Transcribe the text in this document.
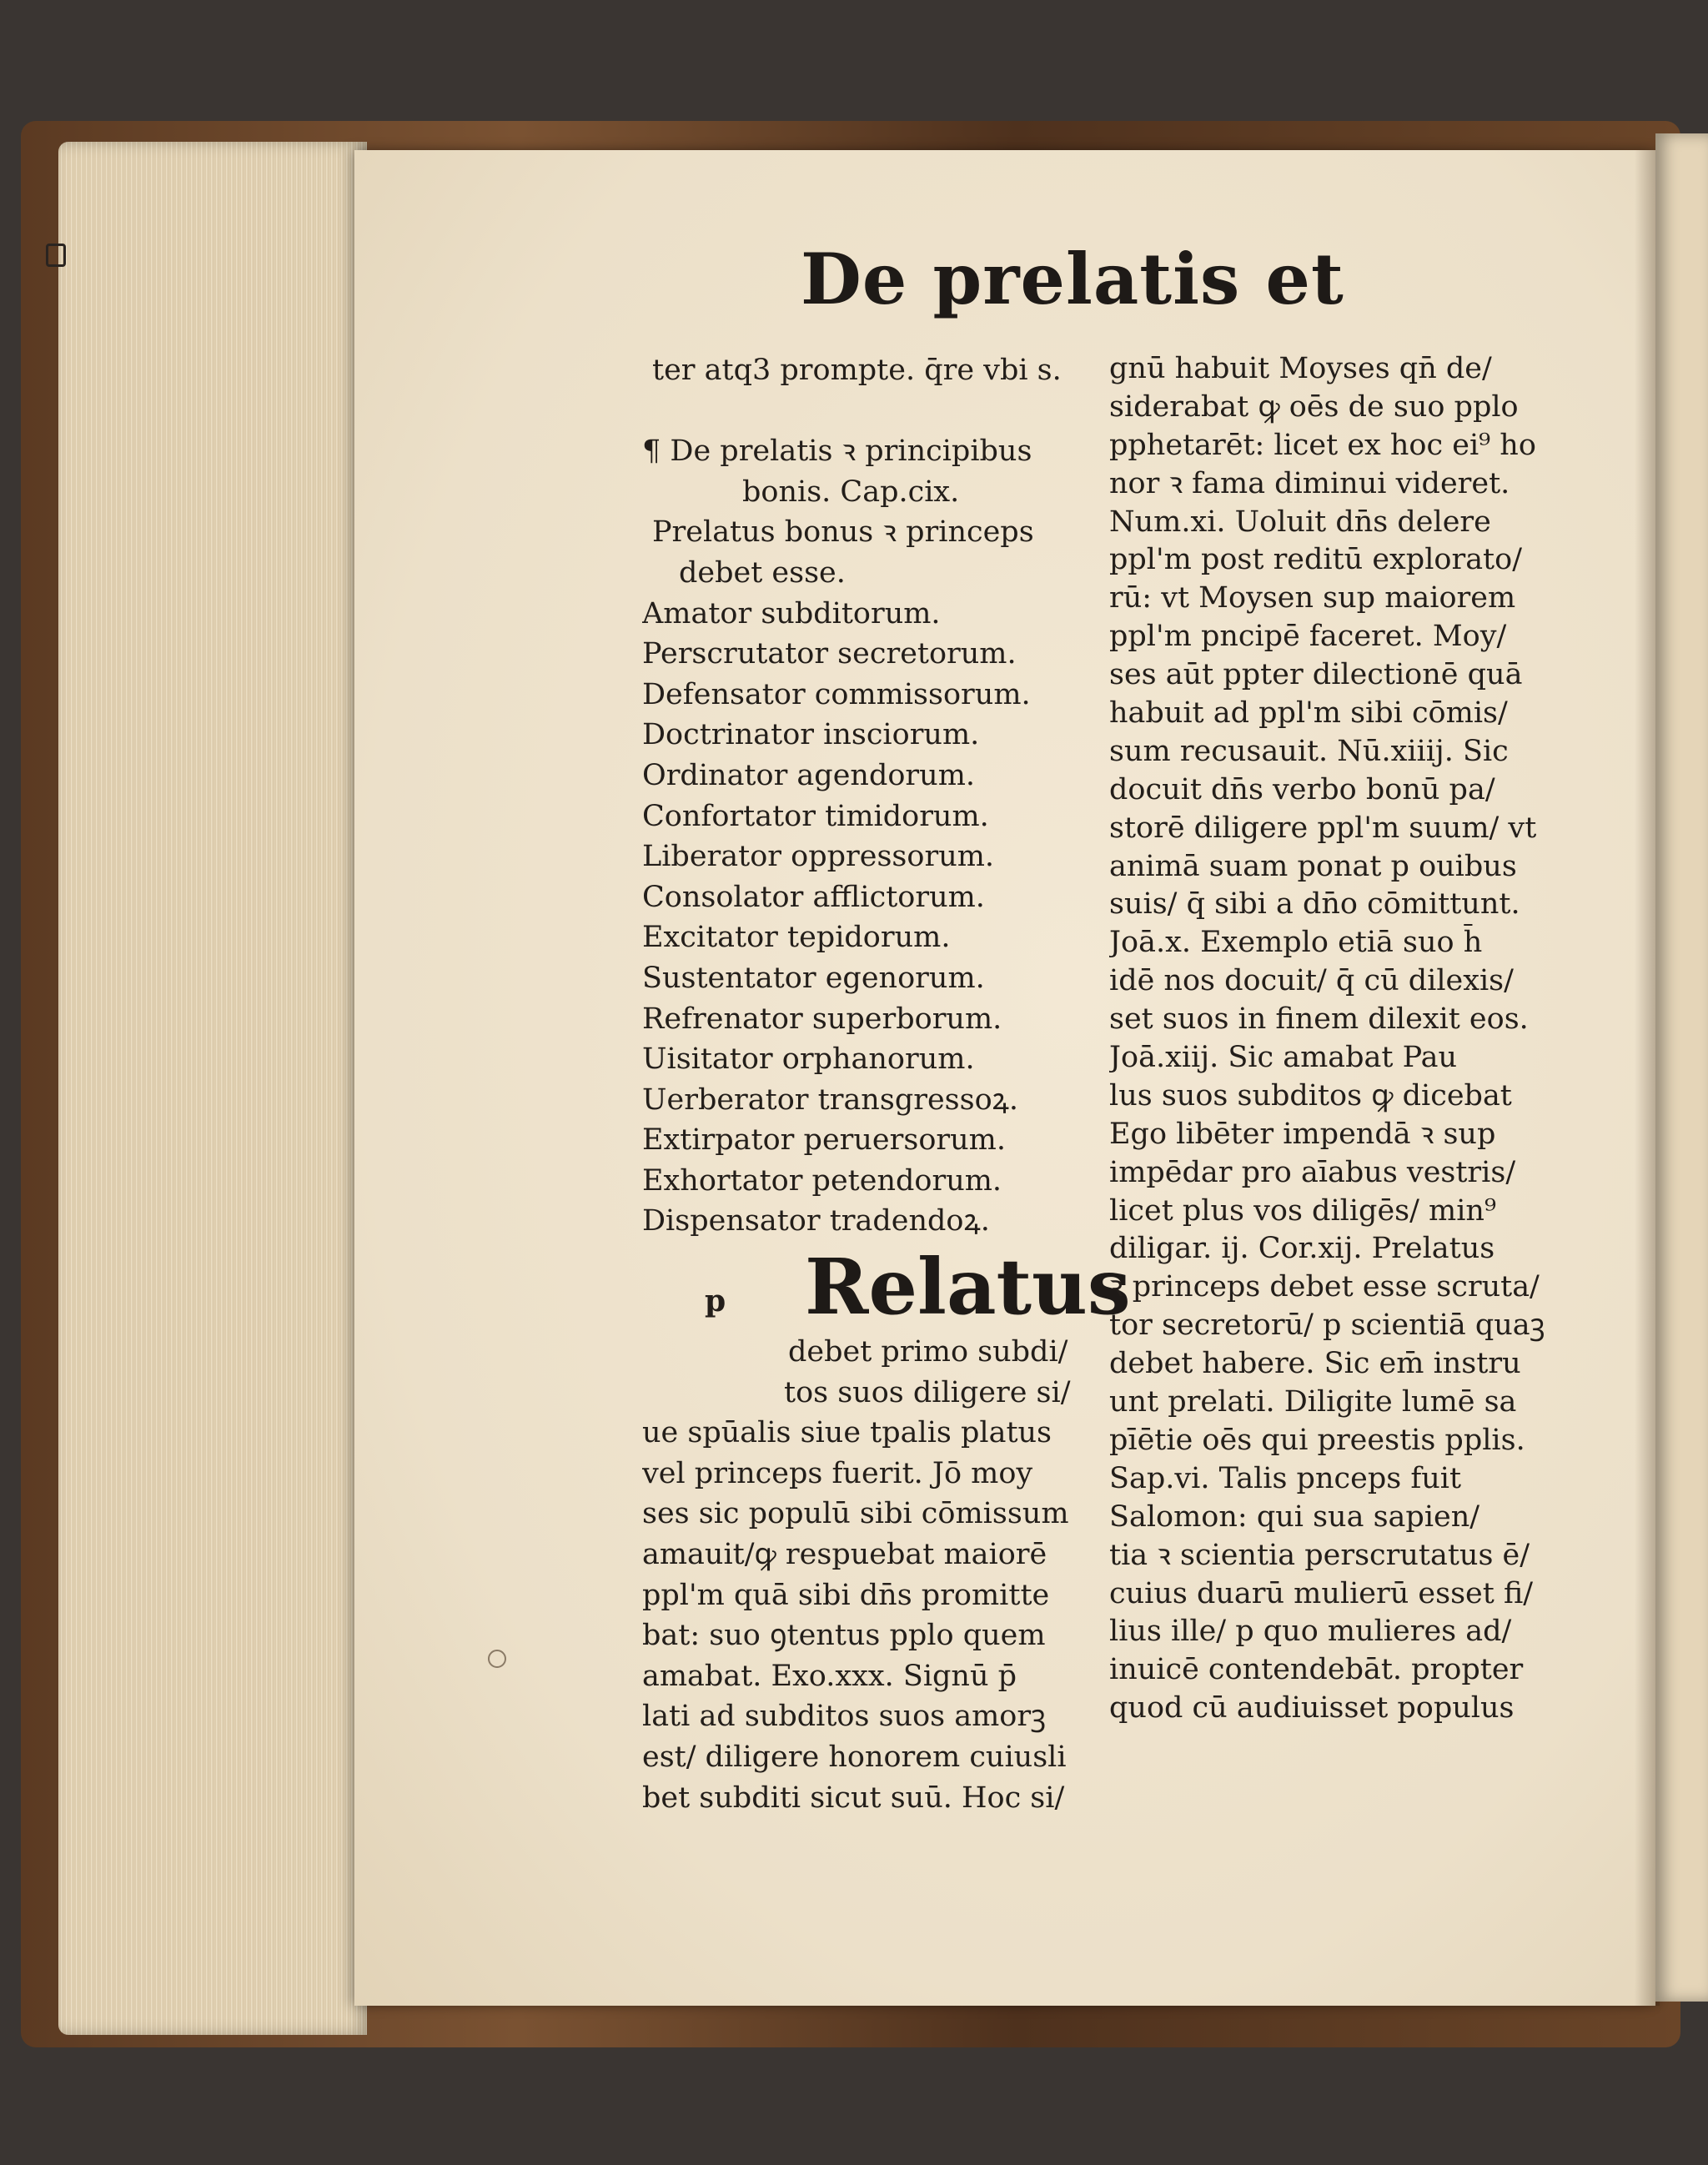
De prelatis et
ter atq3 prompte. q̄re vbi s.
¶ De prelatis ꝛ principibus
bonis. Cap.cix.
Prelatus bonus ꝛ princeps
debet esse.
Amator subditorum.
Perscrutator secretorum.
Defensator commissorum.
Doctrinator insciorum.
Ordinator agendorum.
Confortator timidorum.
Liberator oppressorum.
Consolator afflictorum.
Excitator tepidorum.
Sustentator egenorum.
Refrenator superborum.
Uisitator orphanorum.
Uerberator transgressoꝝ.
Extirpator peruersorum.
Exhortator petendorum.
Dispensator tradendoꝝ.
p Relatus
debet primo subdi/
tos suos diligere si/
ue spūalis siue tpalis platus
vel princeps fuerit. Jō moy
ses sic populū sibi cōmissum
amauit/ꝙ respuebat maiorē
ppl'm quā sibi dn̄s promitte
bat: suo ꝯtentus pplo quem
amabat. Exo.xxx. Signū p̄
lati ad subditos suos amorꝫ
est/ diligere honorem cuiusli
bet subditi sicut suū. Hoc si/
gnū habuit Moyses qn̄ de/
siderabat ꝙ oēs de suo pplo
pphetarēt: licet ex hoc ei⁹ ho
nor ꝛ fama diminui videret.
Num.xi. Uoluit dn̄s delere
ppl'm post reditū explorato/
rū: vt Moysen sup maiorem
ppl'm pncipē faceret. Moy/
ses aūt ppter dilectionē quā
habuit ad ppl'm sibi cōmis/
sum recusauit. Nū.xiiij. Sic
docuit dn̄s verbo bonū pa/
storē diligere ppl'm suum/ vt
animā suam ponat p ouibus
suis/ q̄ sibi a dn̄o cōmittunt.
Joā.x. Exemplo etiā suo h̄
idē nos docuit/ q̄ cū dilexis/
set suos in finem dilexit eos.
Joā.xiij. Sic amabat Pau
lus suos subditos ꝙ dicebat
Ego libēter impendā ꝛ sup
impēdar pro aīabus vestris/
licet plus vos diligēs/ min⁹
diligar. ij. Cor.xij. Prelatus
ꝛ princeps debet esse scruta/
tor secretorū/ p scientiā quaꝫ
debet habere. Sic em̄ instru
unt prelati. Diligite lumē sa
pīētie oēs qui preestis pplis.
Sap.vi. Talis pnceps fuit
Salomon: qui sua sapien/
tia ꝛ scientia perscrutatus ē/
cuius duarū mulierū esset fi/
lius ille/ p quo mulieres ad/
inuicē contendebāt. propter
quod cū audiuisset populus
